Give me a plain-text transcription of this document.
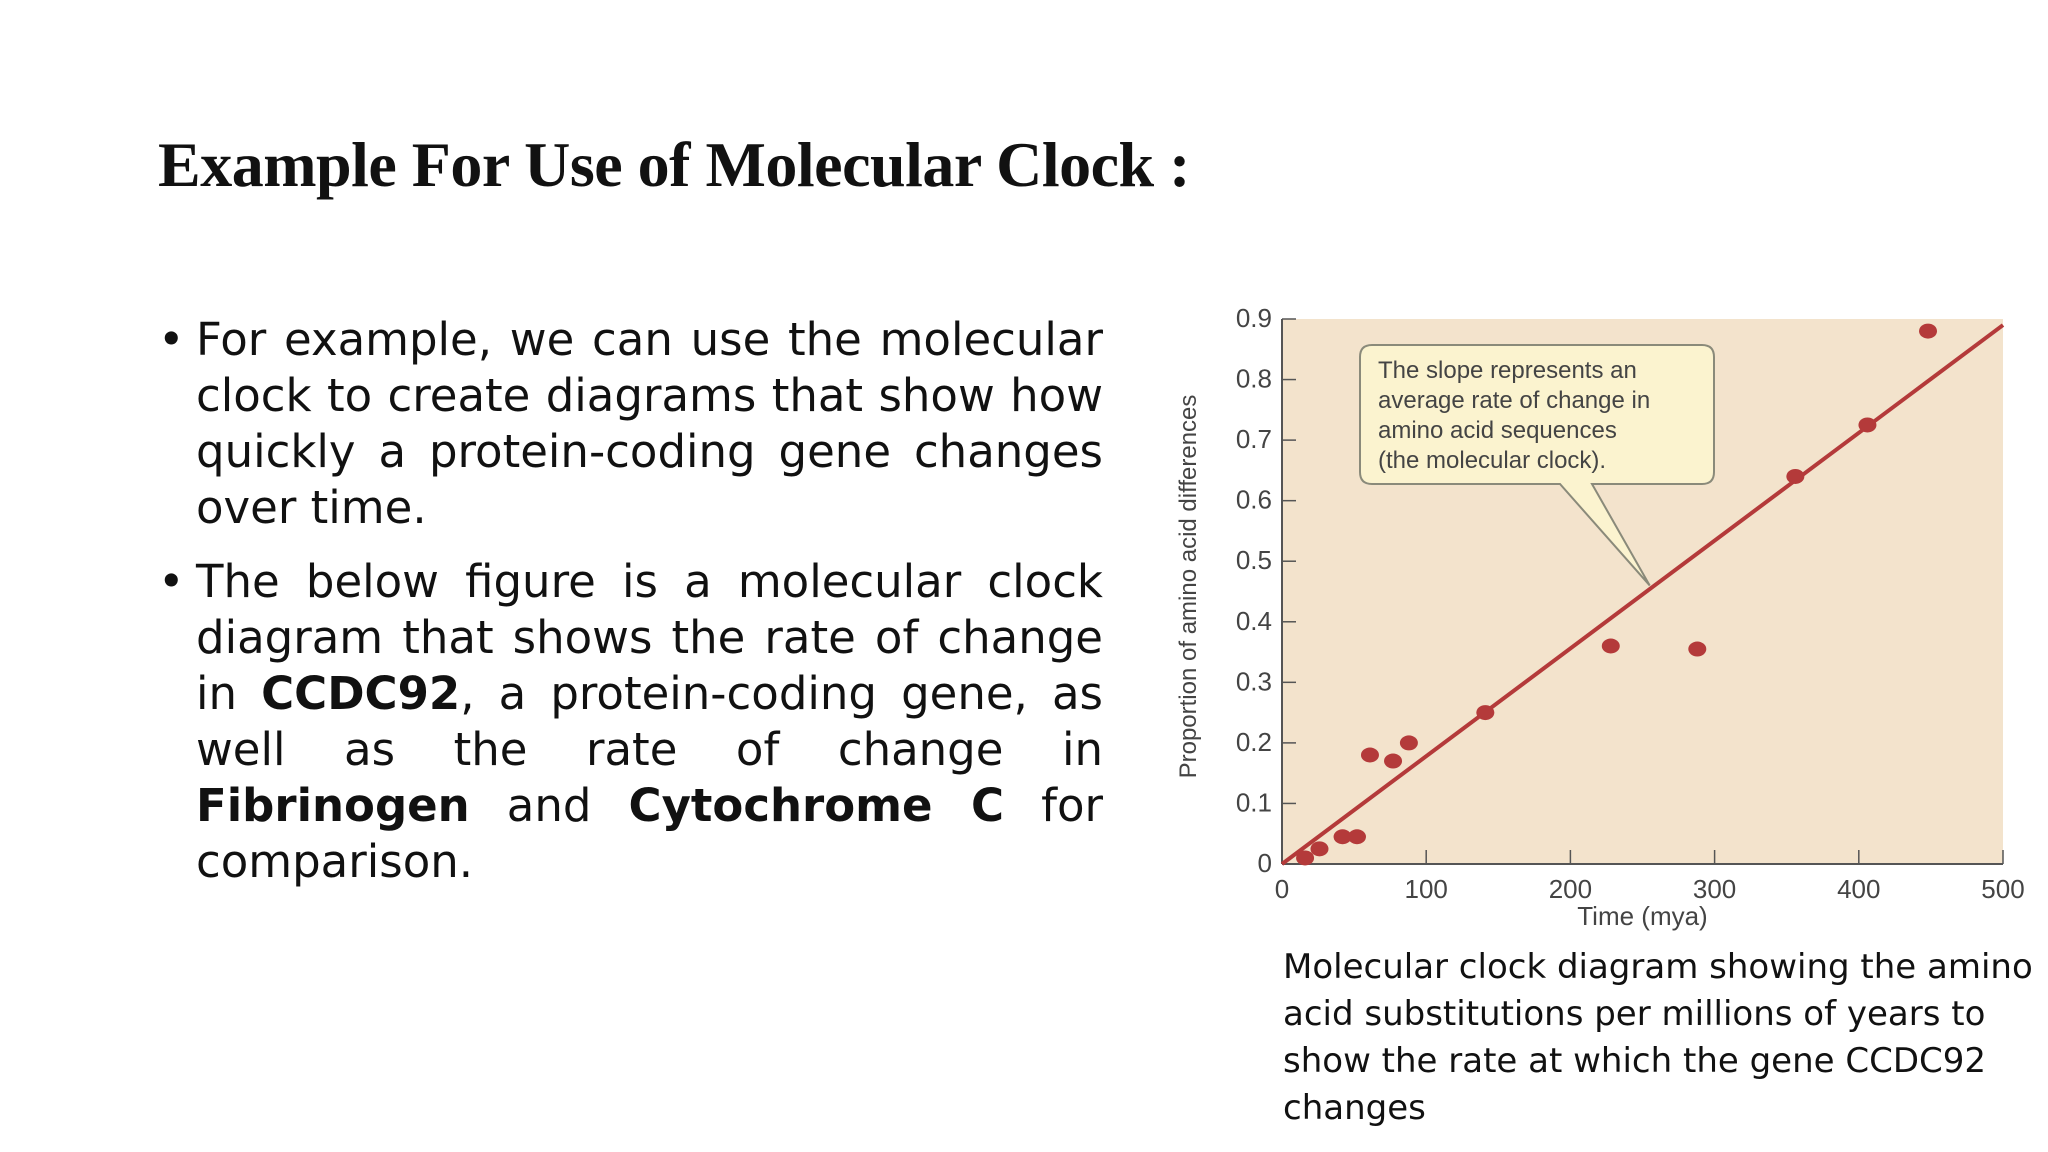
Example For Use of Molecular Clock :
• For example, we can use the molecular clock to create diagrams that show how quickly a protein-coding gene changes over time.
• The below figure is a molecular clock diagram that shows the rate of change in CCDC92, a protein-coding gene, as well as the rate of change in Fibrinogen and Cytochrome C for comparison.	0
0.1
0.2
0.3
0.4
0.5
0.6
0.7
0.8
0.9
0	100	200	300	400	500
The slope represents an
average rate of change in
amino acid sequences
(the molecular clock).
Time (mya)
Proportion of amino acid differences
Molecular clock diagram showing the amino acid substitutions per millions of years to show the rate at which the gene CCDC92 changes
